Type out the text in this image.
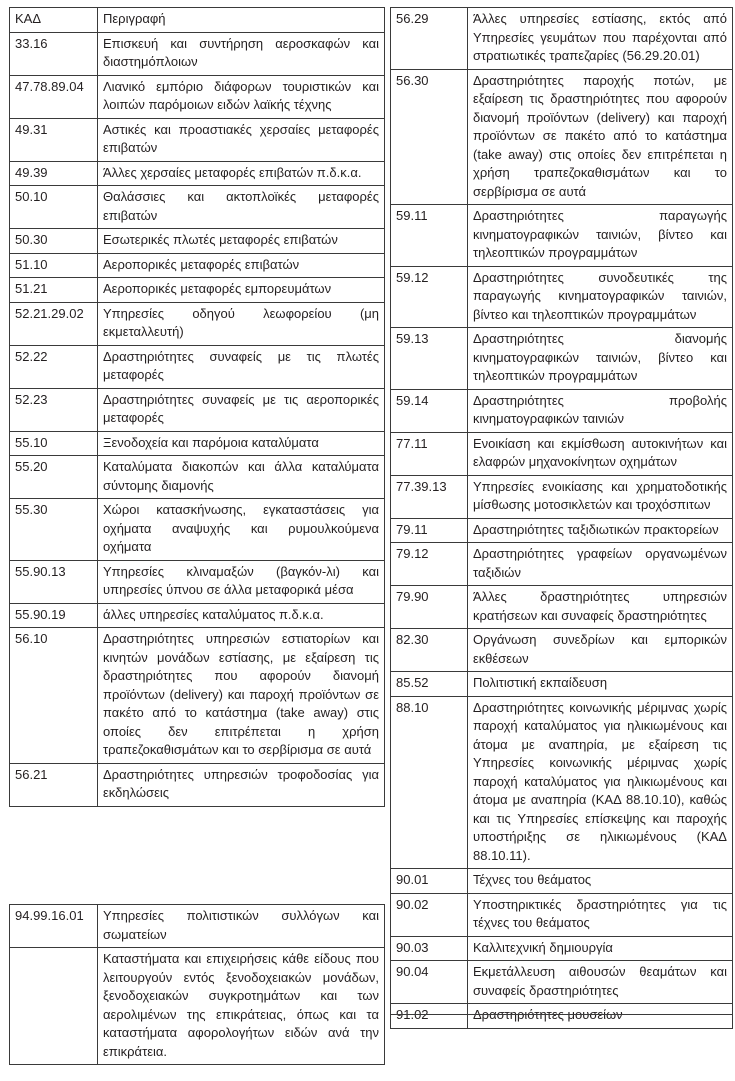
ΚΑΔ	Περιγραφή
33.16	Επισκευή και συντήρηση αεροσκαφών και διαστημόπλοιων
47.78.89.04	Λιανικό εμπόριο διάφορων τουριστικών και λοιπών παρόμοιων ειδών λαϊκής τέχνης
49.31	Αστικές και προαστιακές χερσαίες μεταφορές επιβατών
49.39	Άλλες χερσαίες μεταφορές επιβατών π.δ.κ.α.
50.10	Θαλάσσιες και ακτοπλοϊκές μεταφορές επιβατών
50.30	Εσωτερικές πλωτές μεταφορές επιβατών
51.10	Αεροπορικές μεταφορές επιβατών
51.21	Αεροπορικές μεταφορές εμπορευμάτων
52.21.29.02	Υπηρεσίες οδηγού λεωφορείου (μη εκμεταλλευτή)
52.22	Δραστηριότητες συναφείς με τις πλωτές μεταφορές
52.23	Δραστηριότητες συναφείς με τις αεροπορικές μεταφορές
55.10	Ξενοδοχεία και παρόμοια καταλύματα
55.20	Καταλύματα διακοπών και άλλα καταλύματα σύντομης διαμονής
55.30	Χώροι κατασκήνωσης, εγκαταστάσεις για οχήματα αναψυχής και ρυμουλκούμενα οχήματα
55.90.13	Υπηρεσίες κλιναμαξών (βαγκόν-λι) και υπηρεσίες ύπνου σε άλλα μεταφορικά μέσα
55.90.19	άλλες υπηρεσίες καταλύματος π.δ.κ.α.
56.10	Δραστηριότητες υπηρεσιών εστιατορίων και κινητών μονάδων εστίασης, με εξαίρεση τις δραστηριότητες που αφορούν διανομή προϊόντων (delivery) και παροχή προϊόντων σε πακέτο από το κατάστημα (take away) στις οποίες δεν επιτρέπεται η χρήση τραπεζοκαθισμάτων και το σερβίρισμα σε αυτά
56.21	Δραστηριότητες υπηρεσιών τροφοδοσίας για εκδηλώσεις
94.99.16.01	Υπηρεσίες πολιτιστικών συλλόγων και σωματείων
	Καταστήματα και επιχειρήσεις κάθε είδους που λειτουργούν εντός ξενοδοχειακών μονάδων, ξενοδοχειακών συγκροτημάτων και των αερολιμένων της επικράτειας, όπως και τα καταστήματα αφορολογήτων ειδών ανά την επικράτεια.
56.29	Άλλες υπηρεσίες εστίασης, εκτός από Υπηρεσίες γευμάτων που παρέχονται από στρατιωτικές τραπεζαρίες (56.29.20.01)
56.30	Δραστηριότητες παροχής ποτών, με εξαίρεση τις δραστηριότητες που αφορούν διανομή προϊόντων (delivery) και παροχή προϊόντων σε πακέτο από το κατάστημα (take away) στις οποίες δεν επιτρέπεται η χρήση τραπεζοκαθισμάτων και το σερβίρισμα σε αυτά
59.11	Δραστηριότητες παραγωγής κινηματογραφικών ταινιών, βίντεο και τηλεοπτικών προγραμμάτων
59.12	Δραστηριότητες συνοδευτικές της παραγωγής κινηματογραφικών ταινιών, βίντεο και τηλεοπτικών προγραμμάτων
59.13	Δραστηριότητες διανομής κινηματογραφικών ταινιών, βίντεο και τηλεοπτικών προγραμμάτων
59.14	Δραστηριότητες προβολής κινηματογραφικών ταινιών
77.11	Ενοικίαση και εκμίσθωση αυτοκινήτων και ελαφρών μηχανοκίνητων οχημάτων
77.39.13	Υπηρεσίες ενοικίασης και χρηματοδοτικής μίσθωσης μοτοσικλετών και τροχόσπιτων
79.11	Δραστηριότητες ταξιδιωτικών πρακτορείων
79.12	Δραστηριότητες γραφείων οργανωμένων ταξιδιών
79.90	Άλλες δραστηριότητες υπηρεσιών κρατήσεων και συναφείς δραστηριότητες
82.30	Οργάνωση συνεδρίων και εμπορικών εκθέσεων
85.52	Πολιτιστική εκπαίδευση
88.10	Δραστηριότητες κοινωνικής μέριμνας χωρίς παροχή καταλύματος για ηλικιωμένους και άτομα με αναπηρία, με εξαίρεση τις Υπηρεσίες κοινωνικής μέριμνας χωρίς παροχή καταλύματος για ηλικιωμένους και άτομα με αναπηρία (ΚΑΔ 88.10.10), καθώς και τις Υπηρεσίες επίσκεψης και παροχής υποστήριξης σε ηλικιωμένους (ΚΑΔ 88.10.11).
90.01	Τέχνες του θεάματος
90.02	Υποστηρικτικές δραστηριότητες για τις τέχνες του θεάματος
90.03	Καλλιτεχνική δημιουργία
90.04	Εκμετάλλευση αιθουσών θεαμάτων και συναφείς δραστηριότητες
91.02	Δραστηριότητες μουσείων
